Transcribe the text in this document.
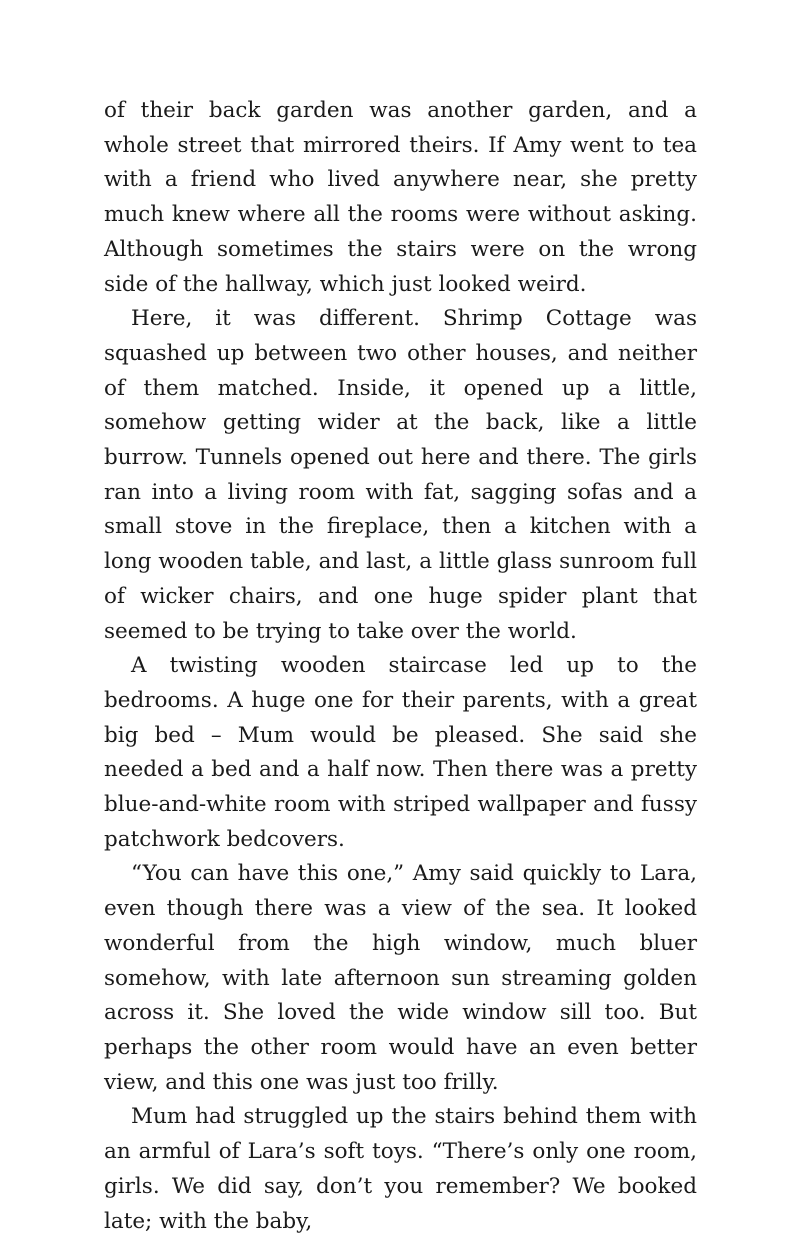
of their back garden was another garden, and a whole street that mirrored theirs. If Amy went to tea with a friend who lived anywhere near, she pretty much knew where all the rooms were without asking. Although sometimes the stairs were on the wrong side of the hallway, which just looked weird.

Here, it was different. Shrimp Cottage was squashed up between two other houses, and neither of them matched. Inside, it opened up a little, somehow getting wider at the back, like a little burrow. Tunnels opened out here and there. The girls ran into a living room with fat, sagging sofas and a small stove in the fireplace, then a kitchen with a long wooden table, and last, a little glass sunroom full of wicker chairs, and one huge spider plant that seemed to be trying to take over the world.

A twisting wooden staircase led up to the bedrooms. A huge one for their parents, with a great big bed – Mum would be pleased. She said she needed a bed and a half now. Then there was a pretty blue-and-white room with striped wallpaper and fussy patchwork bedcovers.

“You can have this one,” Amy said quickly to Lara, even though there was a view of the sea. It looked wonderful from the high window, much bluer somehow, with late afternoon sun streaming golden across it. She loved the wide window sill too. But perhaps the other room would have an even better view, and this one was just too frilly.

Mum had struggled up the stairs behind them with an armful of Lara’s soft toys. “There’s only one room, girls. We did say, don’t you remember? We booked late; with the baby,
